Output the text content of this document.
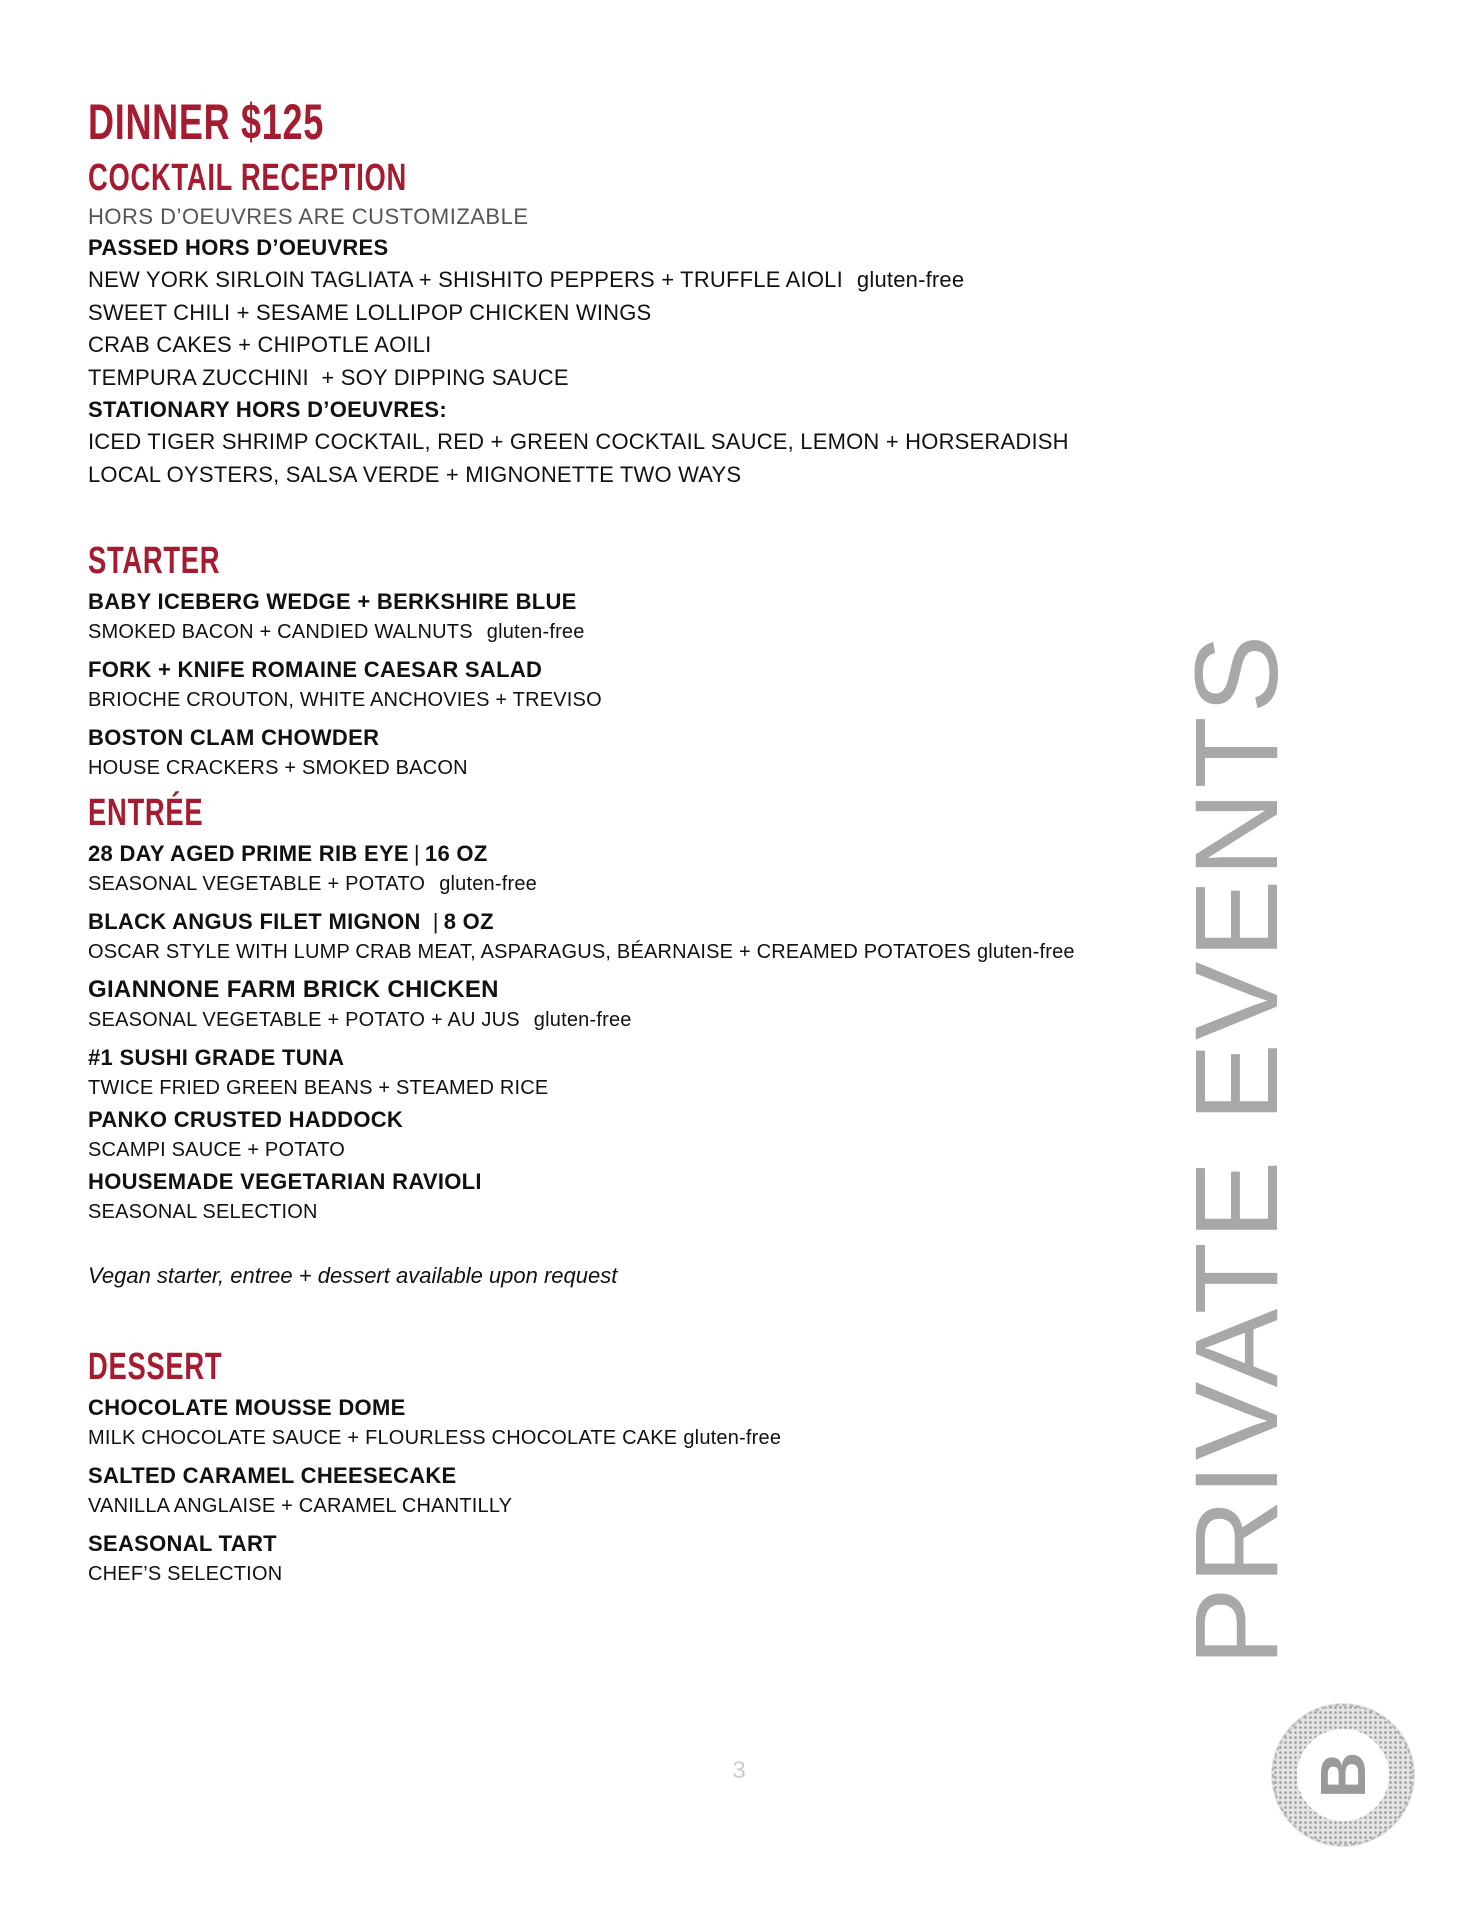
DINNER $125
COCKTAIL RECEPTION
HORS D’OEUVRES ARE CUSTOMIZABLE
PASSED HORS D’OEUVRES
NEW YORK SIRLOIN TAGLIATA + SHISHITO PEPPERS + TRUFFLE AIOLI gluten-free
SWEET CHILI + SESAME LOLLIPOP CHICKEN WINGS
CRAB CAKES + CHIPOTLE AOILI
TEMPURA ZUCCHINI  + SOY DIPPING SAUCE
STATIONARY HORS D’OEUVRES:
ICED TIGER SHRIMP COCKTAIL, RED + GREEN COCKTAIL SAUCE, LEMON + HORSERADISH
LOCAL OYSTERS, SALSA VERDE + MIGNONETTE TWO WAYS
STARTER
BABY ICEBERG WEDGE + BERKSHIRE BLUE
SMOKED BACON + CANDIED WALNUTS gluten-free
FORK + KNIFE ROMAINE CAESAR SALAD
BRIOCHE CROUTON, WHITE ANCHOVIES + TREVISO
BOSTON CLAM CHOWDER
HOUSE CRACKERS + SMOKED BACON
ENTRÉE
28 DAY AGED PRIME RIB EYE | 16 OZ
SEASONAL VEGETABLE + POTATO gluten-free
BLACK ANGUS FILET MIGNON | 8 OZ
OSCAR STYLE WITH LUMP CRAB MEAT, ASPARAGUS, BÉARNAISE + CREAMED POTATOES gluten-free
GIANNONE FARM BRICK CHICKEN
SEASONAL VEGETABLE + POTATO + AU JUS gluten-free
#1 SUSHI GRADE TUNA
TWICE FRIED GREEN BEANS + STEAMED RICE
PANKO CRUSTED HADDOCK
SCAMPI SAUCE + POTATO
HOUSEMADE VEGETARIAN RAVIOLI
SEASONAL SELECTION
Vegan starter, entree + dessert available upon request
DESSERT
CHOCOLATE MOUSSE DOME
MILK CHOCOLATE SAUCE + FLOURLESS CHOCOLATE CAKE gluten-free
SALTED CARAMEL CHEESECAKE
VANILLA ANGLAISE + CARAMEL CHANTILLY
SEASONAL TART
CHEF’S SELECTION
3
PRIVATE EVENTS
B
